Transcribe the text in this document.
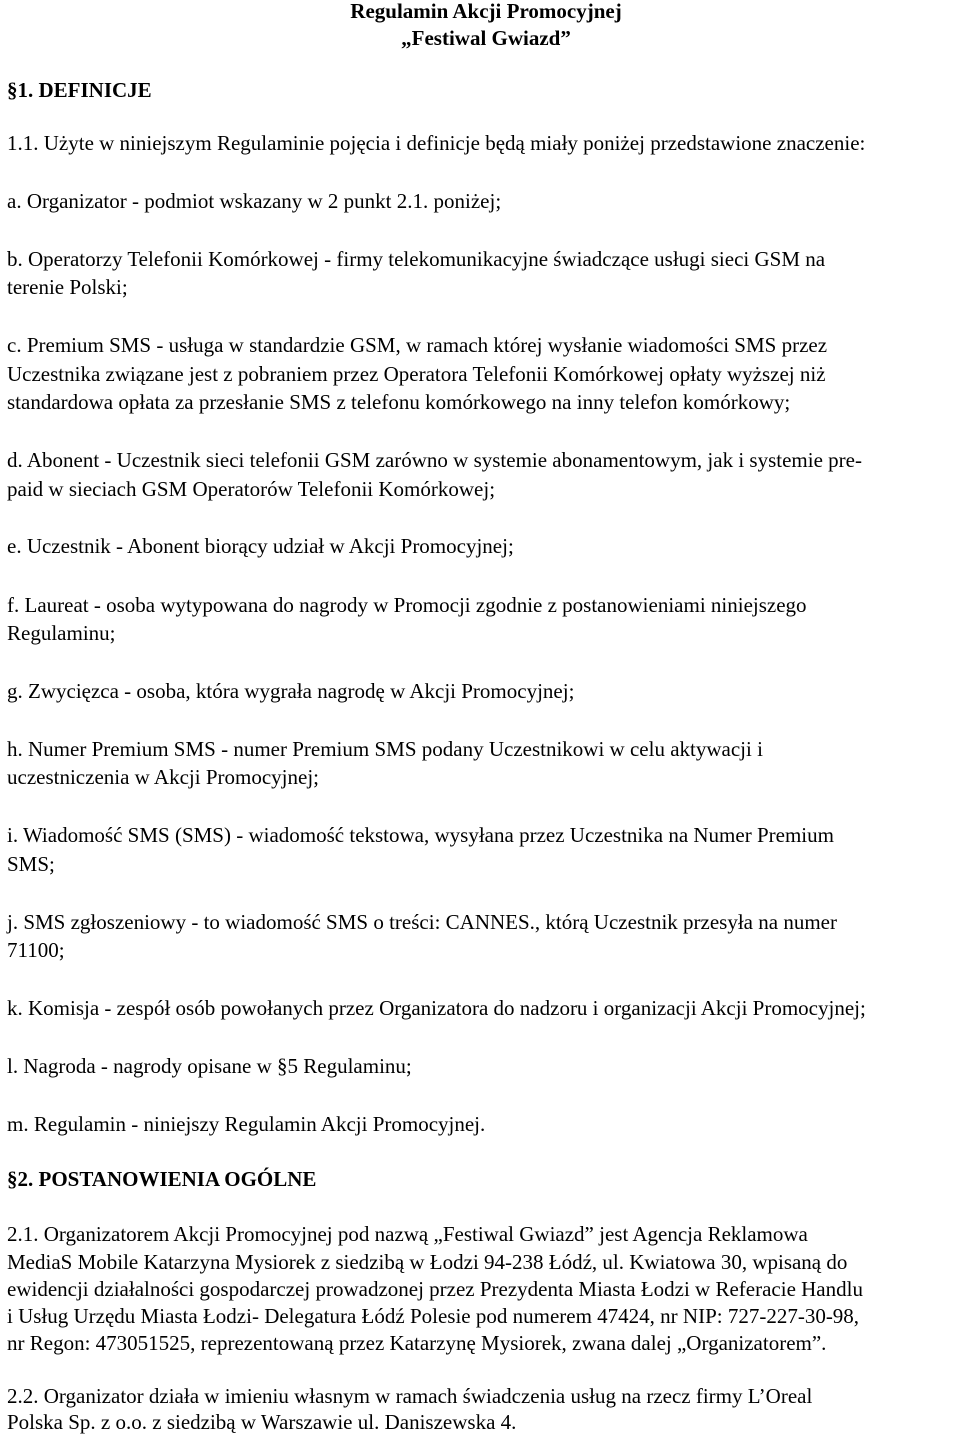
Regulamin Akcji Promocyjnej

„Festiwal Gwiazd”

§1. DEFINICJE

1.1. Użyte w niniejszym Regulaminie pojęcia i definicje będą miały poniżej przedstawione znaczenie:

a. Organizator - podmiot wskazany w 2 punkt 2.1. poniżej;

b. Operatorzy Telefonii Komórkowej - firmy telekomunikacyjne świadczące usługi sieci GSM na

terenie Polski;

c. Premium SMS - usługa w standardzie GSM, w ramach której wysłanie wiadomości SMS przez

Uczestnika związane jest z pobraniem przez Operatora Telefonii Komórkowej opłaty wyższej niż

standardowa opłata za przesłanie SMS z telefonu komórkowego na inny telefon komórkowy;

d. Abonent - Uczestnik sieci telefonii GSM zarówno w systemie abonamentowym, jak i systemie pre-

paid w sieciach GSM Operatorów Telefonii Komórkowej;

e. Uczestnik - Abonent biorący udział w Akcji Promocyjnej;

f. Laureat - osoba wytypowana do nagrody w Promocji zgodnie z postanowieniami niniejszego

Regulaminu;

g. Zwycięzca - osoba, która wygrała nagrodę w Akcji Promocyjnej;

h. Numer Premium SMS - numer Premium SMS podany Uczestnikowi w celu aktywacji i

uczestniczenia w Akcji Promocyjnej;

i. Wiadomość SMS (SMS) - wiadomość tekstowa, wysyłana przez Uczestnika na Numer Premium

SMS;

j. SMS zgłoszeniowy - to wiadomość SMS o treści: CANNES., którą Uczestnik przesyła na numer

71100;

k. Komisja - zespół osób powołanych przez Organizatora do nadzoru i organizacji Akcji Promocyjnej;

l. Nagroda - nagrody opisane w §5 Regulaminu;

m. Regulamin - niniejszy Regulamin Akcji Promocyjnej.

§2. POSTANOWIENIA OGÓLNE

2.1. Organizatorem Akcji Promocyjnej pod nazwą „Festiwal Gwiazd” jest Agencja Reklamowa

MediaS Mobile Katarzyna Mysiorek z siedzibą w Łodzi 94-238 Łódź, ul. Kwiatowa 30, wpisaną do

ewidencji działalności gospodarczej prowadzonej przez Prezydenta Miasta Łodzi w Referacie Handlu

i Usług Urzędu Miasta Łodzi- Delegatura Łódź Polesie pod numerem 47424, nr NIP: 727-227-30-98,

nr Regon: 473051525, reprezentowaną przez Katarzynę Mysiorek, zwana dalej „Organizatorem”.

2.2. Organizator działa w imieniu własnym w ramach świadczenia usług na rzecz firmy L’Oreal

Polska Sp. z o.o. z siedzibą w Warszawie ul. Daniszewska 4.
